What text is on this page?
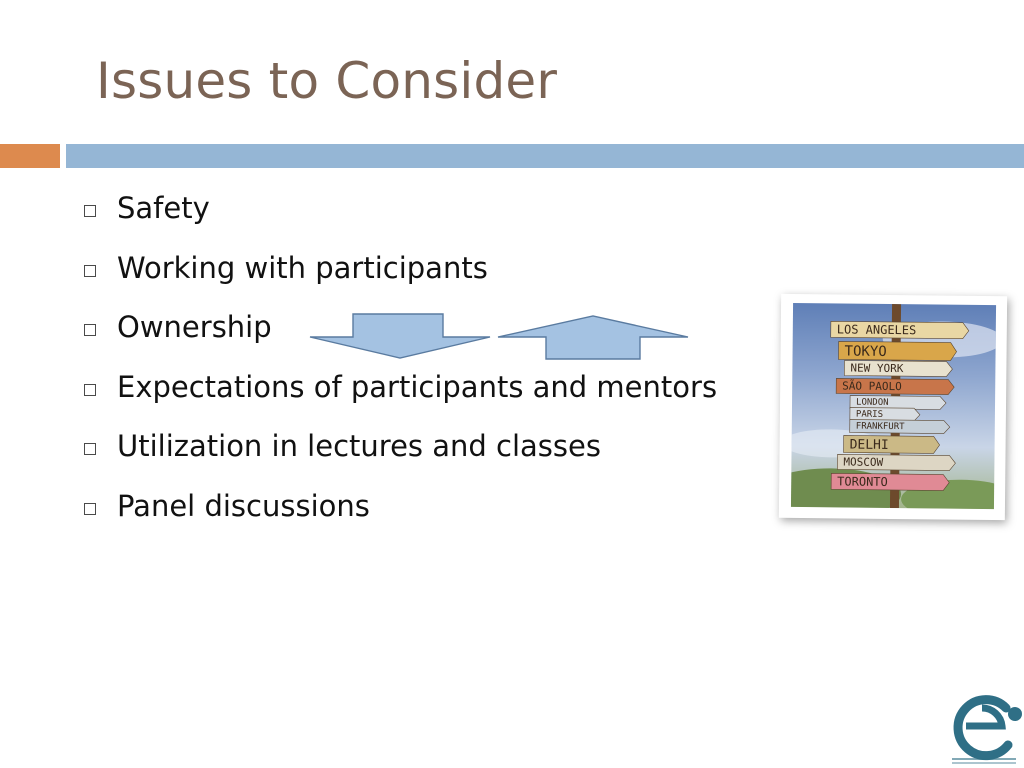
Issues to Consider
Safety
Working with participants
Ownership
Expectations of participants and mentors
Utilization in lectures and classes
Panel discussions
LOS ANGELES
TOKYO
NEW YORK
SÃO PAOLO
LONDON
PARIS
FRANKFURT
DELHI
MOSCOW
TORONTO
